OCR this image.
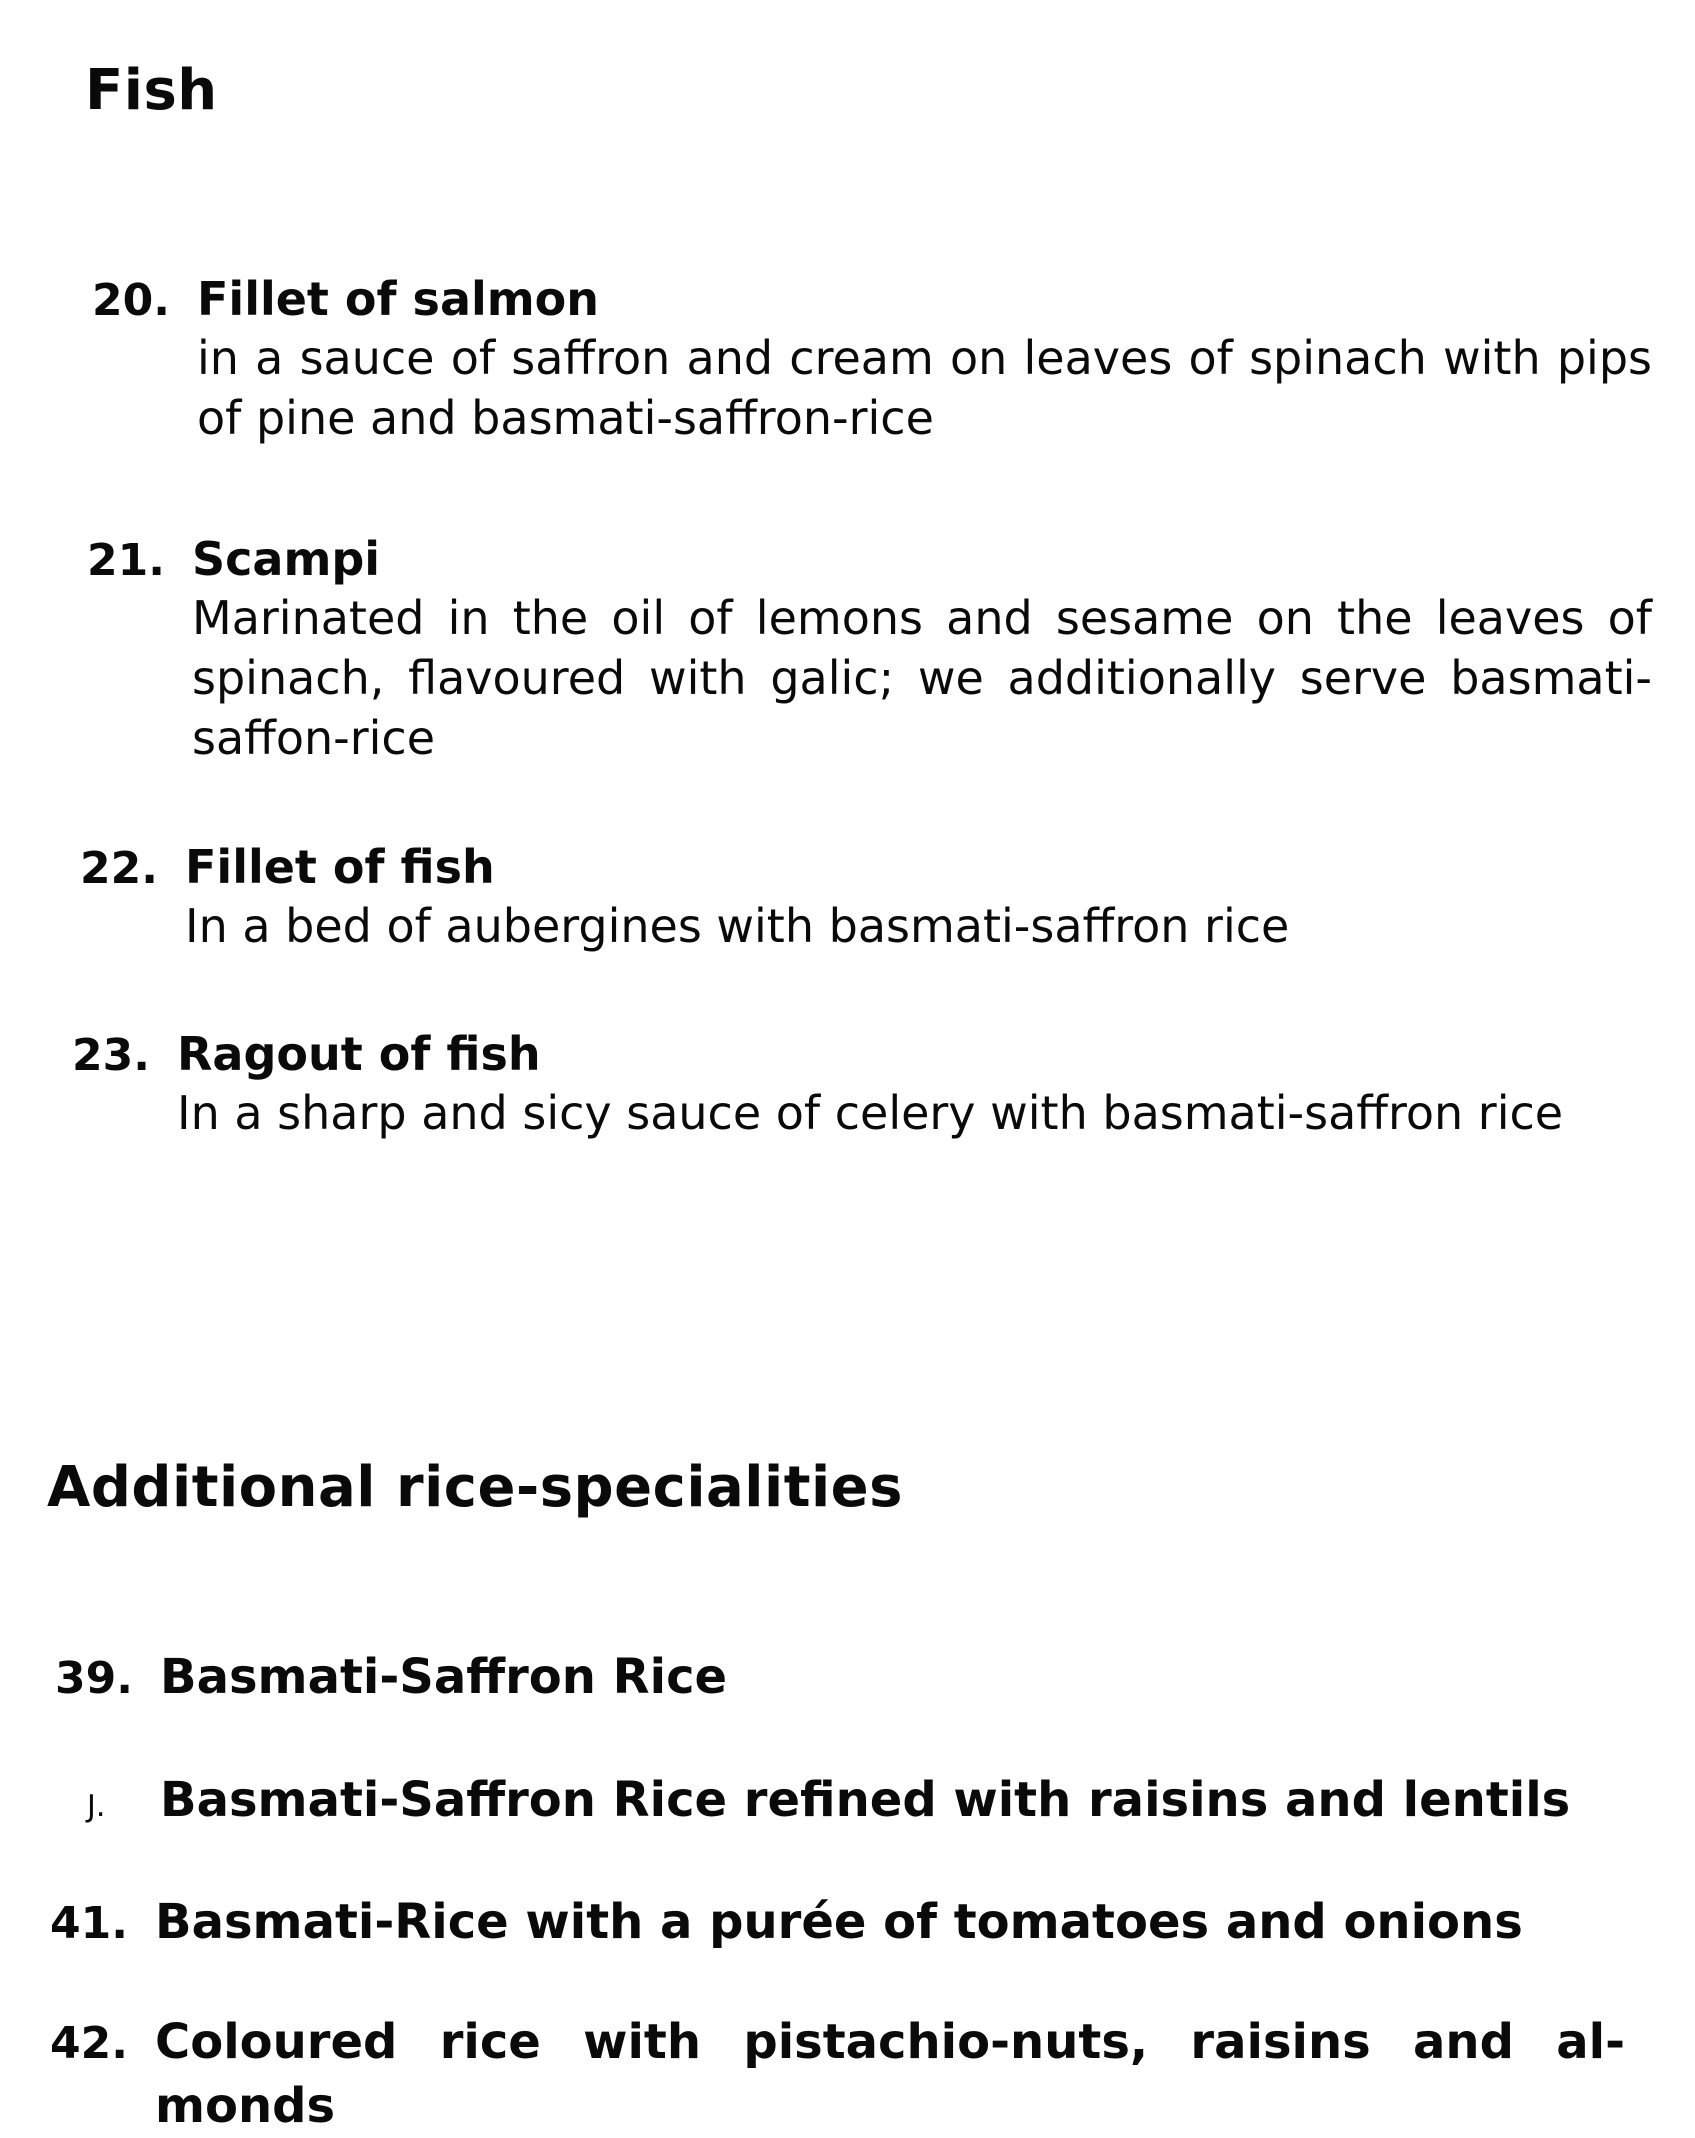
Fish
20. Fillet of salmon

in a sauce of saffron and cream on leaves of spinach with pips of pine and basmati-saffron-rice

21. Scampi

Marinated in the oil of lemons and sesame on the leaves of spinach, flavoured with galic; we additionally serve basmati-saffon-rice

22. Fillet of fish

In a bed of aubergines with basmati-saffron rice

23. Ragout of fish

In a sharp and sicy sauce of celery with basmati-saffron rice

Additional rice-specialities
39. Basmati-Saffron Rice

J.	Basmati-Saffron Rice refined with raisins and lentils

41. Basmati-Rice with a purée of tomatoes and onions

42. Coloured rice with pistachio-nuts, raisins and al-monds
